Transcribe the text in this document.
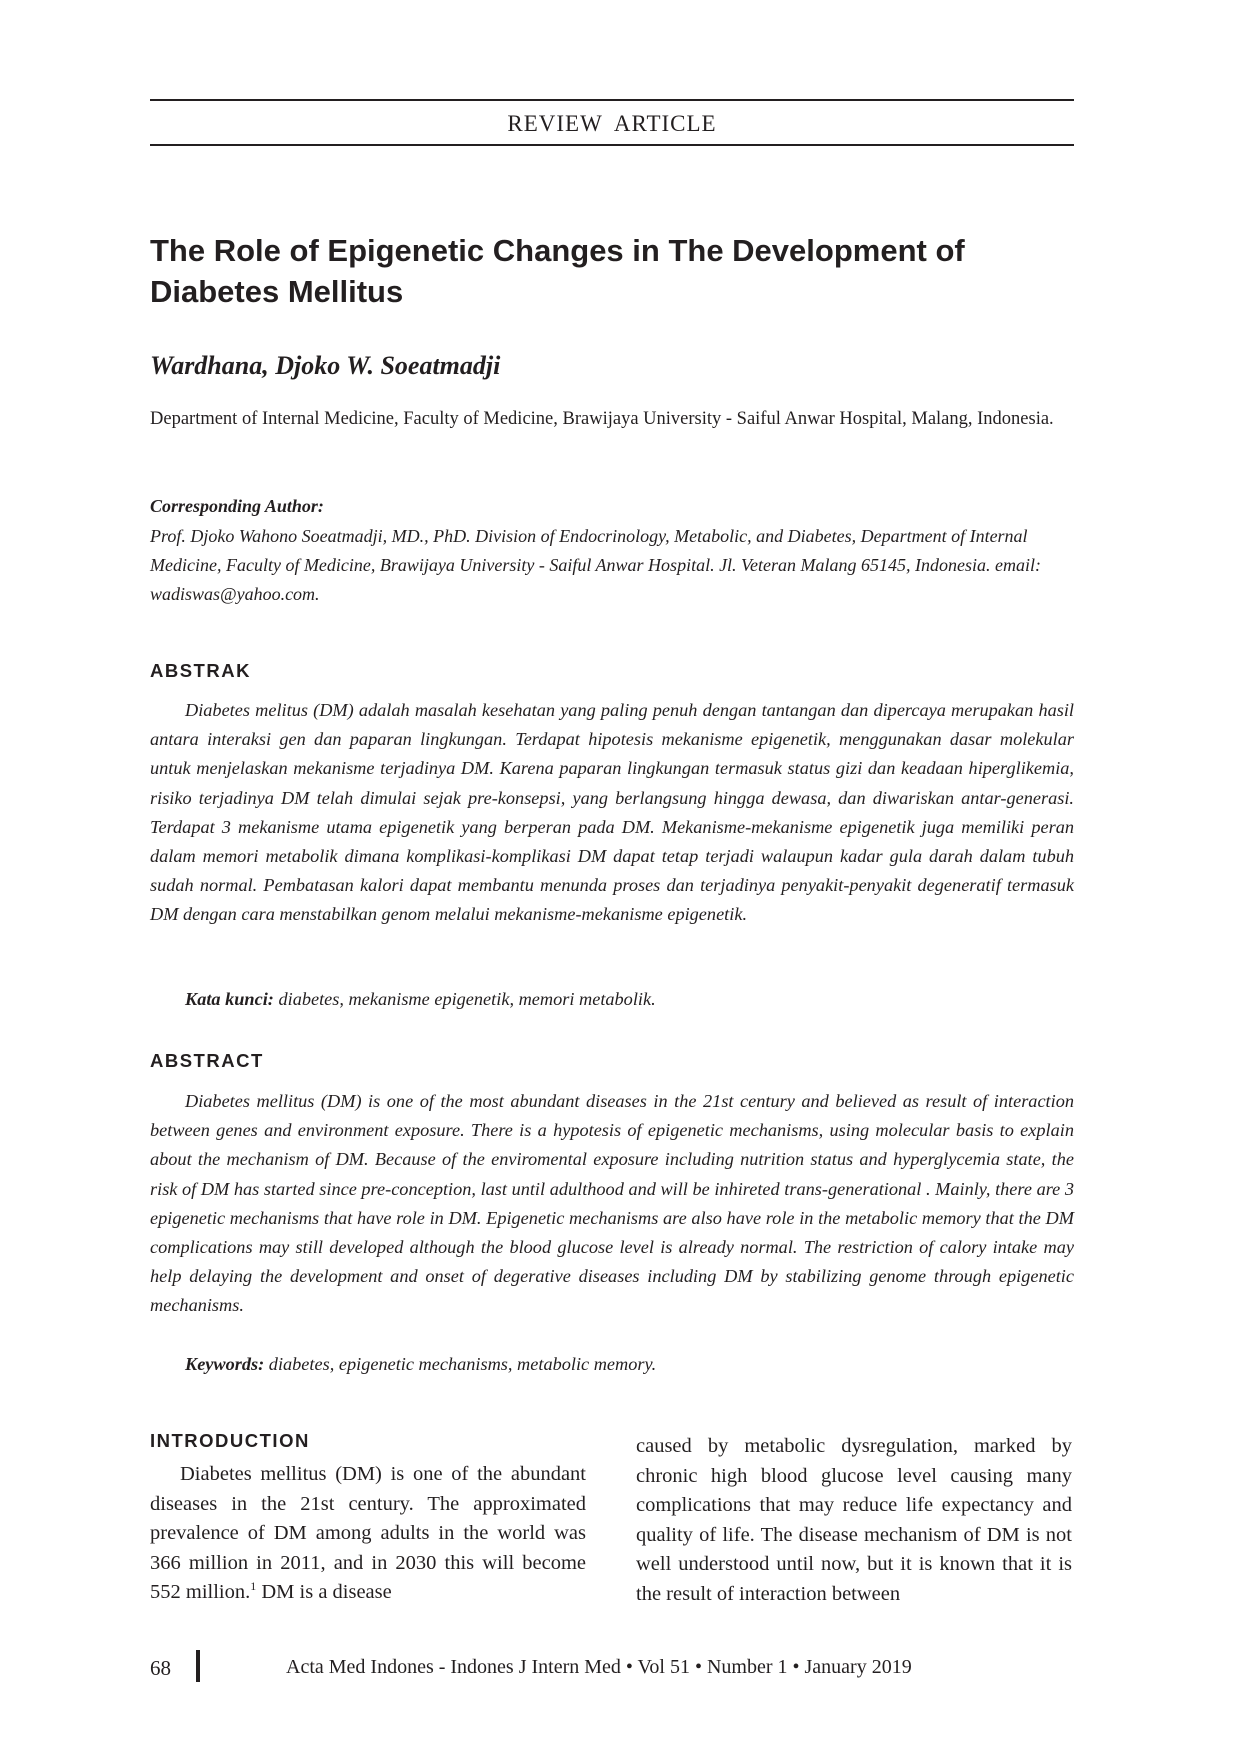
REVIEW ARTICLE
The Role of Epigenetic Changes in The Development of Diabetes Mellitus
Wardhana, Djoko W. Soeatmadji
Department of Internal Medicine, Faculty of Medicine, Brawijaya University - Saiful Anwar Hospital, Malang, Indonesia.
Corresponding Author:
Prof. Djoko Wahono Soeatmadji, MD., PhD. Division of Endocrinology, Metabolic, and Diabetes, Department of Internal Medicine, Faculty of Medicine, Brawijaya University - Saiful Anwar Hospital. Jl. Veteran Malang 65145, Indonesia. email: wadiswas@yahoo.com.
ABSTRAK
Diabetes melitus (DM) adalah masalah kesehatan yang paling penuh dengan tantangan dan dipercaya merupakan hasil antara interaksi gen dan paparan lingkungan. Terdapat hipotesis mekanisme epigenetik, menggunakan dasar molekular untuk menjelaskan mekanisme terjadinya DM. Karena paparan lingkungan termasuk status gizi dan keadaan hiperglikemia, risiko terjadinya DM telah dimulai sejak pre-konsepsi, yang berlangsung hingga dewasa, dan diwariskan antar-generasi. Terdapat 3 mekanisme utama epigenetik yang berperan pada DM. Mekanisme-mekanisme epigenetik juga memiliki peran dalam memori metabolik dimana komplikasi-komplikasi DM dapat tetap terjadi walaupun kadar gula darah dalam tubuh sudah normal. Pembatasan kalori dapat membantu menunda proses dan terjadinya penyakit-penyakit degeneratif termasuk DM dengan cara menstabilkan genom melalui mekanisme-mekanisme epigenetik.
Kata kunci: diabetes, mekanisme epigenetik, memori metabolik.
ABSTRACT
Diabetes mellitus (DM) is one of the most abundant diseases in the 21st century and believed as result of interaction between genes and environment exposure. There is a hypotesis of epigenetic mechanisms, using molecular basis to explain about the mechanism of DM. Because of the enviromental exposure including nutrition status and hyperglycemia state, the risk of DM has started since pre-conception, last until adulthood and will be inhireted trans-generational . Mainly, there are 3 epigenetic mechanisms that have role in DM. Epigenetic mechanisms are also have role in the metabolic memory that the DM complications may still developed although the blood glucose level is already normal. The restriction of calory intake may help delaying the development and onset of degerative diseases including DM by stabilizing genome through epigenetic mechanisms.
Keywords: diabetes, epigenetic mechanisms, metabolic memory.
INTRODUCTION
Diabetes mellitus (DM) is one of the abundant diseases in the 21st century. The approximated prevalence of DM among adults in the world was 366 million in 2011, and in 2030 this will become 552 million.$^1$ DM is a disease
caused by metabolic dysregulation, marked by chronic high blood glucose level causing many complications that may reduce life expectancy and quality of life. The disease mechanism of DM is not well understood until now, but it is known that it is the result of interaction between
68	Acta Med Indones - Indones J Intern Med • Vol 51 • Number 1 • January 2019
